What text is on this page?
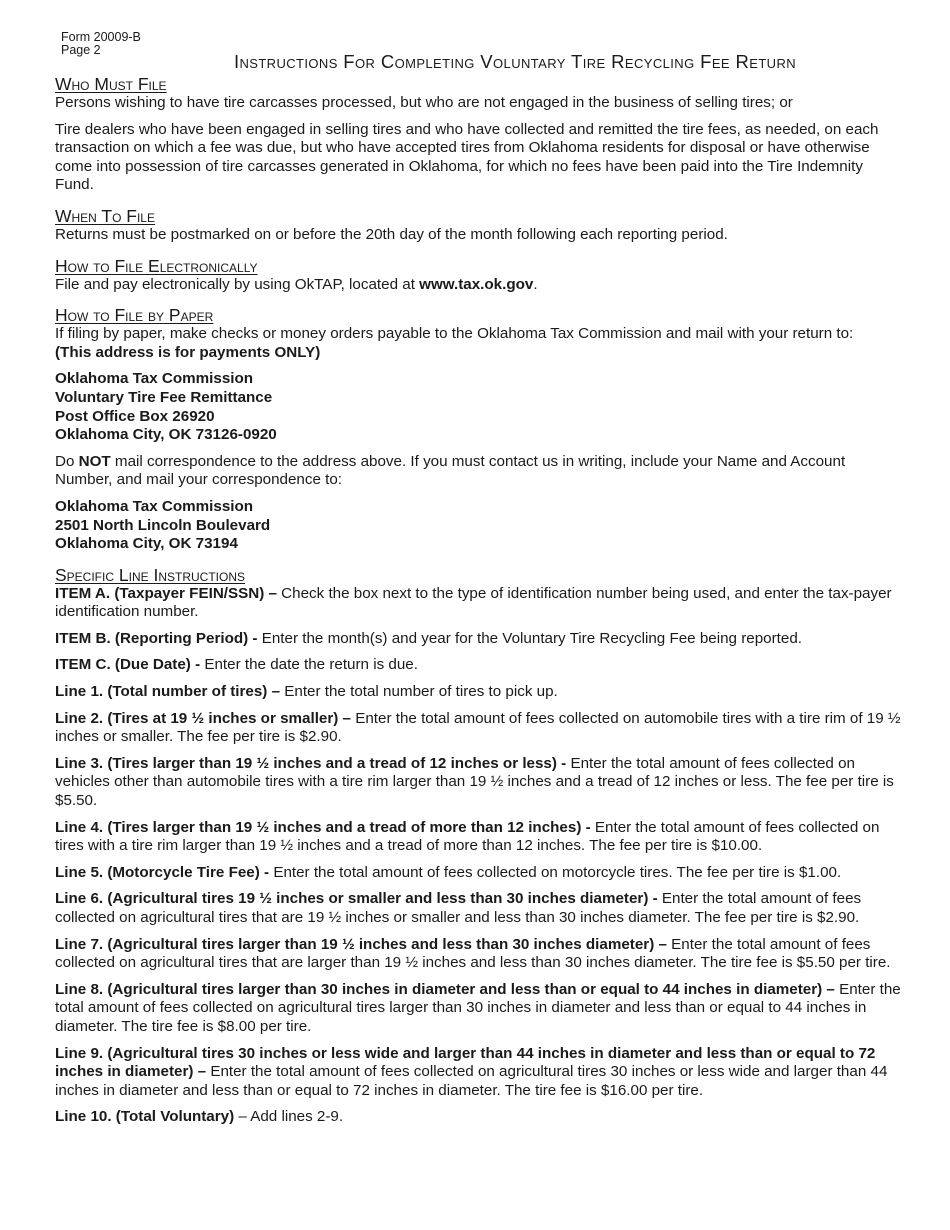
Form 20009-B
Page 2
Instructions For Completing Voluntary Tire Recycling Fee Return
Who Must File

Persons wishing to have tire carcasses processed, but who are not engaged in the business of selling tires; or

Tire dealers who have been engaged in selling tires and who have collected and remitted the tire fees, as needed, on each transaction on which a fee was due, but who have accepted tires from Oklahoma residents for disposal or have otherwise come into possession of tire carcasses generated in Oklahoma, for which no fees have been paid into the Tire Indemnity Fund.

When To File

Returns must be postmarked on or before the 20th day of the month following each reporting period.

How to File Electronically

File and pay electronically by using OkTAP, located at www.tax.ok.gov.

How to File by Paper

If filing by paper, make checks or money orders payable to the Oklahoma Tax Commission and mail with your return to:

(This address is for payments ONLY)

Oklahoma Tax Commission
Voluntary Tire Fee Remittance
Post Office Box 26920
Oklahoma City, OK 73126-0920

Do NOT mail correspondence to the address above. If you must contact us in writing, include your Name and Account Number, and mail your correspondence to:

Oklahoma Tax Commission
2501 North Lincoln Boulevard
Oklahoma City, OK 73194
Specific Line Instructions

ITEM A. (Taxpayer FEIN/SSN) – Check the box next to the type of identification number being used, and enter the tax-payer identification number.

ITEM B. (Reporting Period) - Enter the month(s) and year for the Voluntary Tire Recycling Fee being reported.

ITEM C. (Due Date) - Enter the date the return is due.

Line 1. (Total number of tires) – Enter the total number of tires to pick up.

Line 2. (Tires at 19 ½ inches or smaller) – Enter the total amount of fees collected on automobile tires with a tire rim of 19 ½ inches or smaller. The fee per tire is $2.90.

Line 3. (Tires larger than 19 ½ inches and a tread of 12 inches or less) - Enter the total amount of fees collected on vehicles other than automobile tires with a tire rim larger than 19 ½ inches and a tread of 12 inches or less. The fee per tire is $5.50.

Line 4. (Tires larger than 19 ½ inches and a tread of more than 12 inches) - Enter the total amount of fees collected on tires with a tire rim larger than 19 ½ inches and a tread of more than 12 inches. The fee per tire is $10.00.

Line 5. (Motorcycle Tire Fee) - Enter the total amount of fees collected on motorcycle tires. The fee per tire is $1.00.

Line 6. (Agricultural tires 19 ½ inches or smaller and less than 30 inches diameter) - Enter the total amount of fees collected on agricultural tires that are 19 ½ inches or smaller and less than 30 inches diameter. The fee per tire is $2.90.

Line 7. (Agricultural tires larger than 19 ½ inches and less than 30 inches diameter) – Enter the total amount of fees collected on agricultural tires that are larger than 19 ½ inches and less than 30 inches diameter. The tire fee is $5.50 per tire.

Line 8. (Agricultural tires larger than 30 inches in diameter and less than or equal to 44 inches in diameter) – Enter the total amount of fees collected on agricultural tires larger than 30 inches in diameter and less than or equal to 44 inches in diameter. The tire fee is $8.00 per tire.

Line 9. (Agricultural tires 30 inches or less wide and larger than 44 inches in diameter and less than or equal to 72 inches in diameter) – Enter the total amount of fees collected on agricultural tires 30 inches or less wide and larger than 44 inches in diameter and less than or equal to 72 inches in diameter. The tire fee is $16.00 per tire.

Line 10. (Total Voluntary) – Add lines 2-9.
